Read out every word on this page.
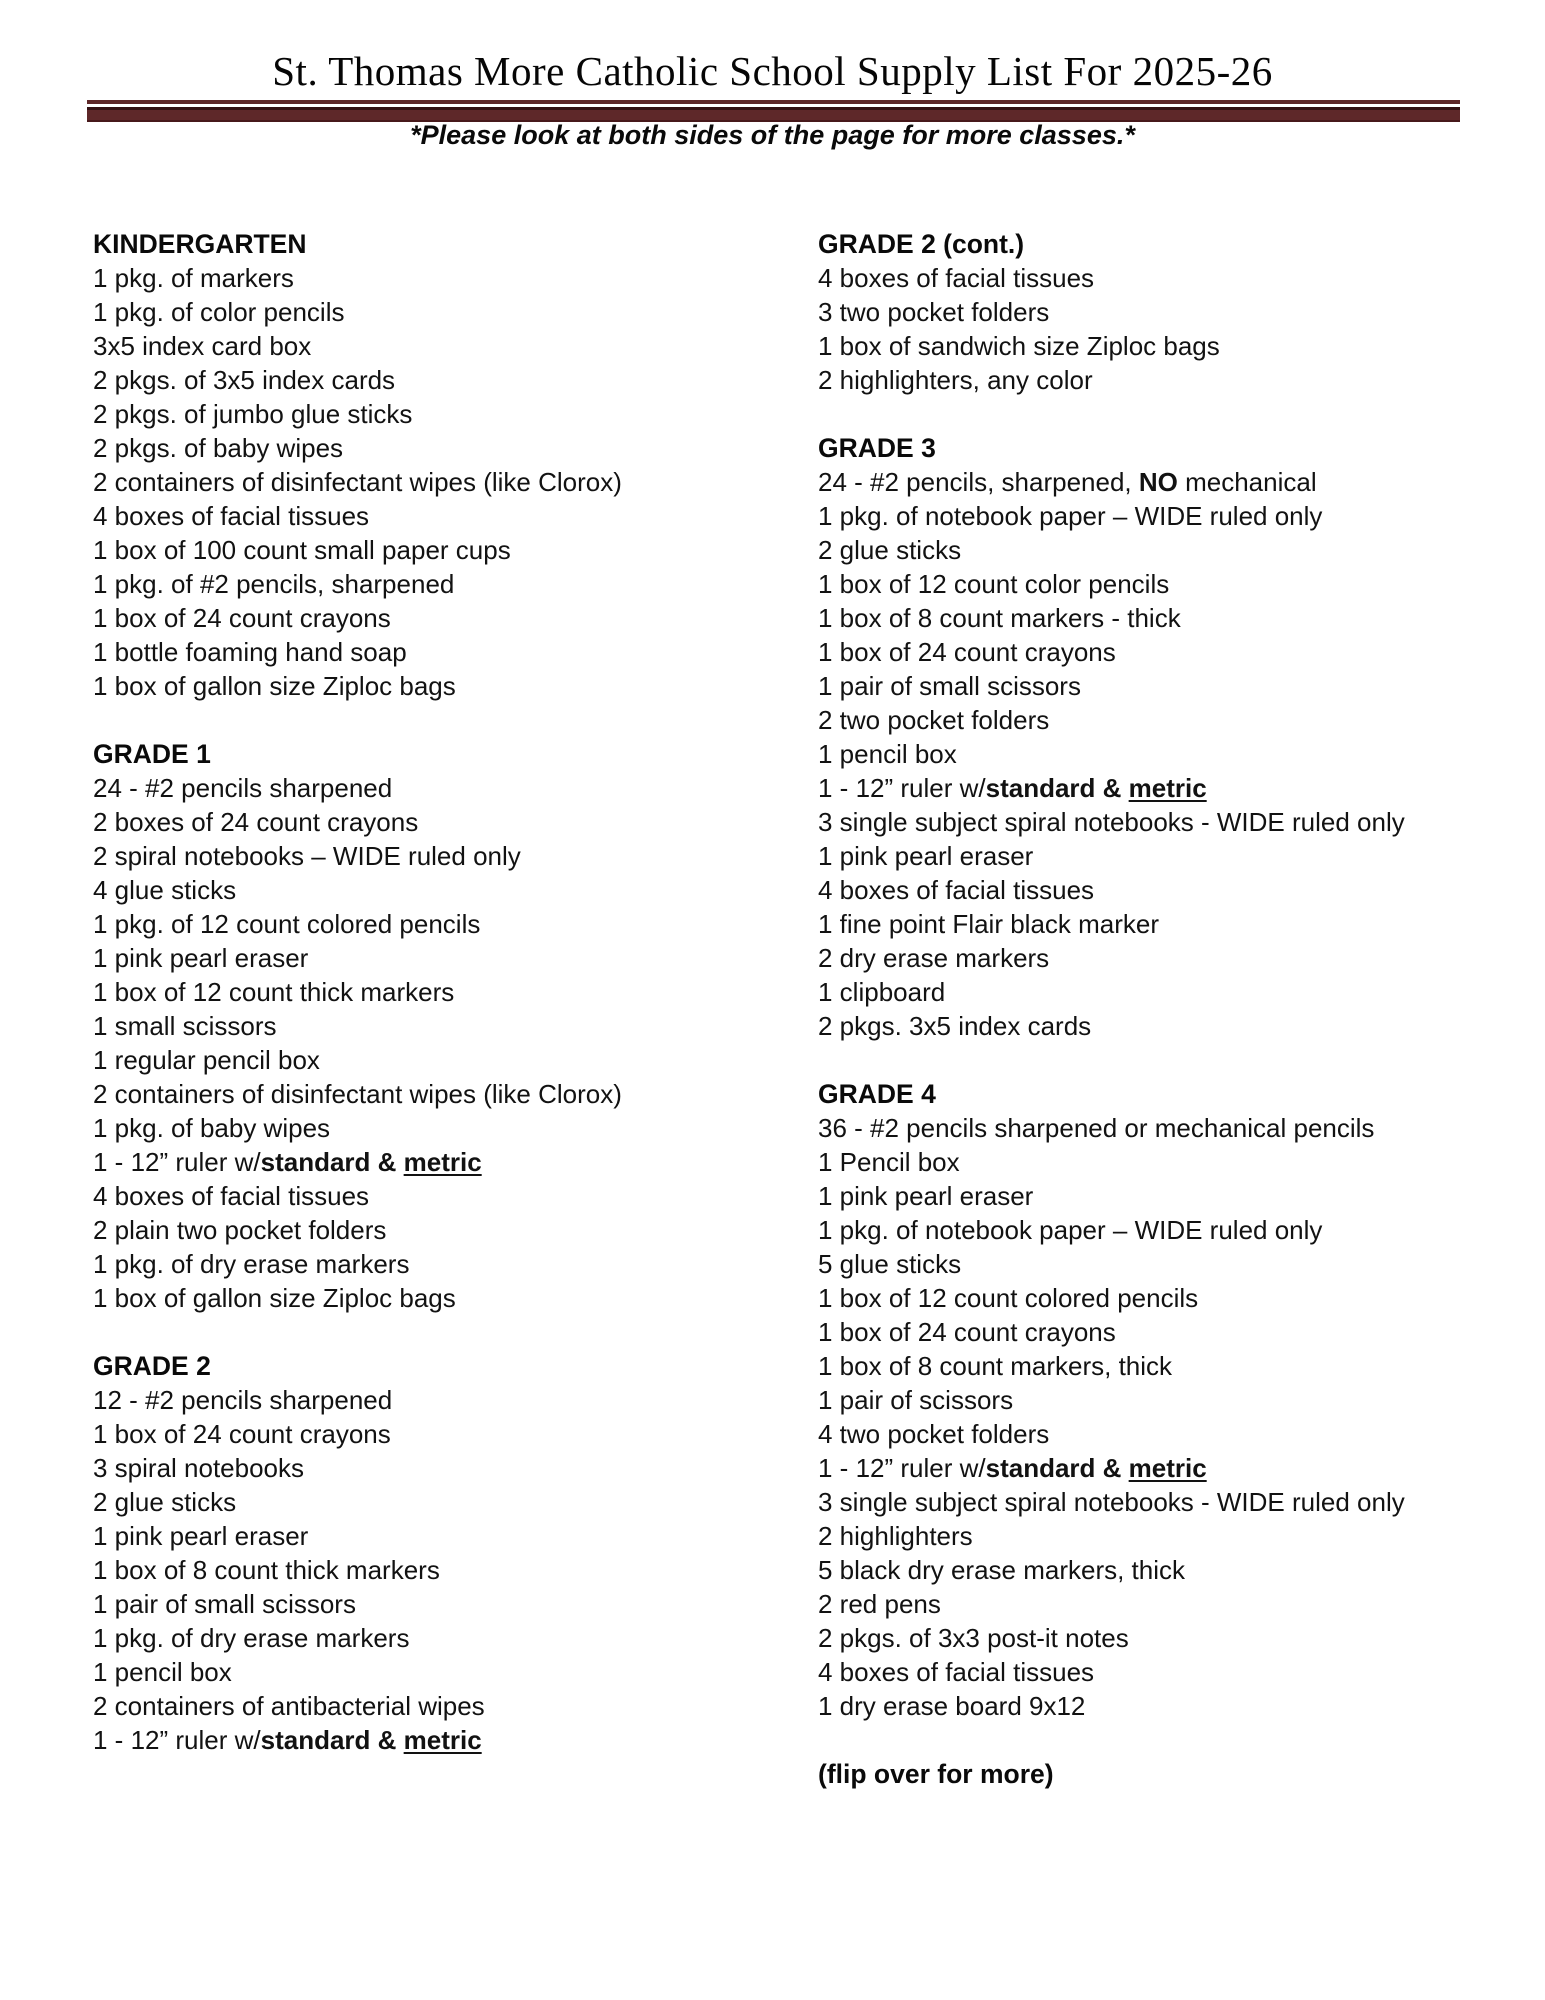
St. Thomas More Catholic School Supply List For 2025-26
*Please look at both sides of the page for more classes.*
KINDERGARTEN
1 pkg. of markers
1 pkg. of color pencils
3x5 index card box
2 pkgs. of 3x5 index cards
2 pkgs. of jumbo glue sticks
2 pkgs. of baby wipes
2 containers of disinfectant wipes (like Clorox)
4 boxes of facial tissues
1 box of 100 count small paper cups
1 pkg. of #2 pencils, sharpened
1 box of 24 count crayons
1 bottle foaming hand soap
1 box of gallon size Ziploc bags
GRADE 1
24 - #2 pencils sharpened
2 boxes of 24 count crayons
2 spiral notebooks – WIDE ruled only
4 glue sticks
1 pkg. of 12 count colored pencils
1 pink pearl eraser
1 box of 12 count thick markers
1 small scissors
1 regular pencil box
2 containers of disinfectant wipes (like Clorox)
1 pkg. of baby wipes
1 - 12” ruler w/standard & metric
4 boxes of facial tissues
2 plain two pocket folders
1 pkg. of dry erase markers
1 box of gallon size Ziploc bags
GRADE 2
12 - #2 pencils sharpened
1 box of 24 count crayons
3 spiral notebooks
2 glue sticks
1 pink pearl eraser
1 box of 8 count thick markers
1 pair of small scissors
1 pkg. of dry erase markers
1 pencil box
2 containers of antibacterial wipes
1 - 12” ruler w/standard & metric
GRADE 2 (cont.)
4 boxes of facial tissues
3 two pocket folders
1 box of sandwich size Ziploc bags
2 highlighters, any color
GRADE 3
24 - #2 pencils, sharpened, NO mechanical
1 pkg. of notebook paper – WIDE ruled only
2 glue sticks
1 box of 12 count color pencils
1 box of 8 count markers - thick
1 box of 24 count crayons
1 pair of small scissors
2 two pocket folders
1 pencil box
1 - 12” ruler w/standard & metric
3 single subject spiral notebooks - WIDE ruled only
1 pink pearl eraser
4 boxes of facial tissues
1 fine point Flair black marker
2 dry erase markers
1 clipboard
2 pkgs. 3x5 index cards
GRADE 4
36 - #2 pencils sharpened or mechanical pencils
1 Pencil box
1 pink pearl eraser
1 pkg. of notebook paper – WIDE ruled only
5 glue sticks
1 box of 12 count colored pencils
1 box of 24 count crayons
1 box of 8 count markers, thick
1 pair of scissors
4 two pocket folders
1 - 12” ruler w/standard & metric
3 single subject spiral notebooks - WIDE ruled only
2 highlighters
5 black dry erase markers, thick
2 red pens
2 pkgs. of 3x3 post-it notes
4 boxes of facial tissues
1 dry erase board 9x12
(flip over for more)
